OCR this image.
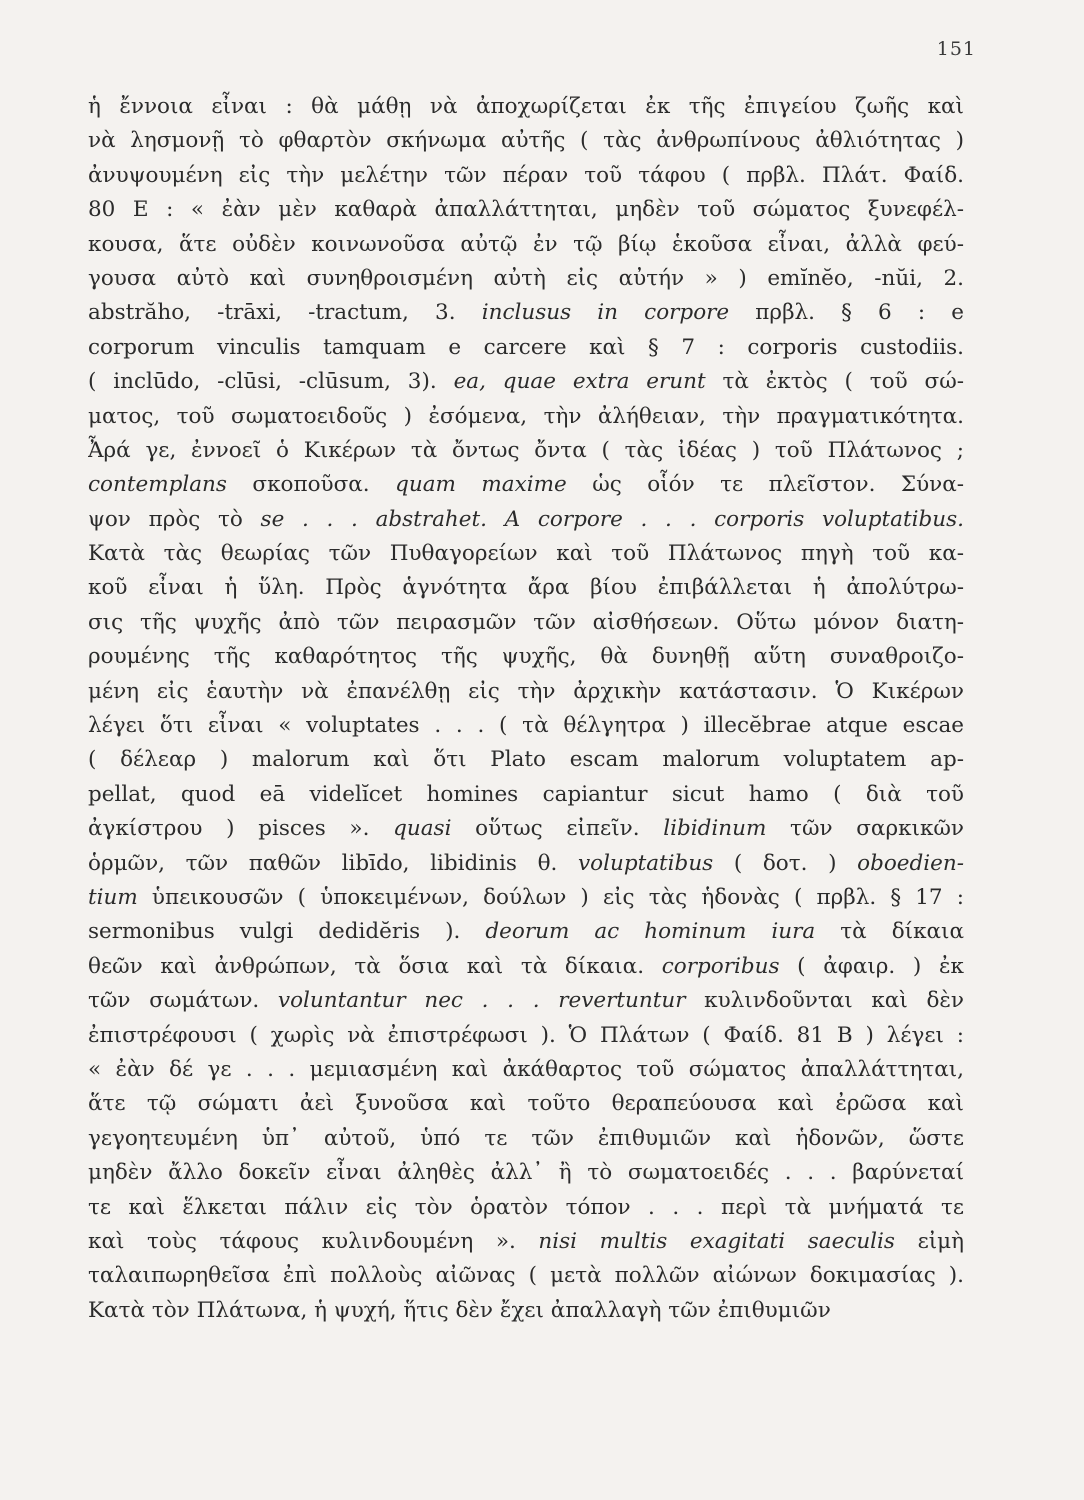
151
ἡ ἔννοια εἶναι : θὰ μάθῃ νὰ ἀποχωρίζεται ἐκ τῆς ἐπιγείου ζωῆς καὶ
νὰ λησμονῇ τὸ φθαρτὸν σκήνωμα αὐτῆς ( τὰς ἀνθρωπίνους ἀθλιότητας )
ἀνυψουμένη εἰς τὴν μελέτην τῶν πέραν τοῦ τάφου ( πρβλ. Πλάτ. Φαίδ.
80 E : « ἐὰν μὲν καθαρὰ ἀπαλλάττηται, μηδὲν τοῦ σώματος ξυνεφέλ-
κουσα, ἅτε οὐδὲν κοινωνοῦσα αὐτῷ ἐν τῷ βίῳ ἑκοῦσα εἶναι, ἀλλὰ φεύ-
γουσα αὐτὸ καὶ συνηθροισμένη αὐτὴ εἰς αὐτήν » ) emĭnĕo, -nŭi, 2.
abstrăho, -trāxi, -tractum, 3. inclusus in corpore πρβλ. § 6 : e
corporum vinculis tamquam e carcere καὶ § 7 : corporis custodiis.
( inclūdo, -clūsi, -clūsum, 3). ea, quae extra erunt τὰ ἐκτὸς ( τοῦ σώ-
ματος, τοῦ σωματοειδοῦς ) ἐσόμενα, τὴν ἀλήθειαν, τὴν πραγματικότητα.
Ἆρά γε, ἐννοεῖ ὁ Κικέρων τὰ ὄντως ὄντα ( τὰς ἰδέας ) τοῦ Πλάτωνος ;
contemplans σκοποῦσα. quam maxime ὡς οἷόν τε πλεῖστον. Σύνα-
ψον πρὸς τὸ se . . . abstrahet. A corpore . . . corporis voluptatibus.
Κατὰ τὰς θεωρίας τῶν Πυθαγορείων καὶ τοῦ Πλάτωνος πηγὴ τοῦ κα-
κοῦ εἶναι ἡ ὕλη. Πρὸς ἁγνότητα ἄρα βίου ἐπιβάλλεται ἡ ἀπολύτρω-
σις τῆς ψυχῆς ἀπὸ τῶν πειρασμῶν τῶν αἰσθήσεων. Οὕτω μόνον διατη-
ρουμένης τῆς καθαρότητος τῆς ψυχῆς, θὰ δυνηθῇ αὕτη συναθροιζο-
μένη εἰς ἑαυτὴν νὰ ἐπανέλθῃ εἰς τὴν ἀρχικὴν κατάστασιν. Ὁ Κικέρων
λέγει ὅτι εἶναι « voluptates . . . ( τὰ θέλγητρα ) illecĕbrae atque escae
( δέλεαρ ) malorum καὶ ὅτι Plato escam malorum voluptatem ap-
pellat, quod eā videlĭcet homines capiantur sicut hamo ( διὰ τοῦ
ἀγκίστρου ) pisces ». quasi οὕτως εἰπεῖν. libidinum τῶν σαρκικῶν
ὁρμῶν, τῶν παθῶν libīdo, libidinis θ. voluptatibus ( δοτ. ) oboedien-
tium ὑπεικουσῶν ( ὑποκειμένων, δούλων ) εἰς τὰς ἡδονὰς ( πρβλ. § 17 :
sermonibus vulgi dedidĕris ). deorum ac hominum iura τὰ δίκαια
θεῶν καὶ ἀνθρώπων, τὰ ὅσια καὶ τὰ δίκαια. corporibus ( ἀφαιρ. ) ἐκ
τῶν σωμάτων. voluntantur nec . . . revertuntur κυλινδοῦνται καὶ δὲν
ἐπιστρέφουσι ( χωρὶς νὰ ἐπιστρέφωσι ). Ὁ Πλάτων ( Φαίδ. 81 B ) λέγει :
« ἐὰν δέ γε . . . μεμιασμένη καὶ ἀκάθαρτος τοῦ σώματος ἀπαλλάττηται,
ἅτε τῷ σώματι ἀεὶ ξυνοῦσα καὶ τοῦτο θεραπεύουσα καὶ ἐρῶσα καὶ
γεγοητευμένη ὑπ᾽ αὐτοῦ, ὑπό τε τῶν ἐπιθυμιῶν καὶ ἡδονῶν, ὥστε
μηδὲν ἄλλο δοκεῖν εἶναι ἀληθὲς ἀλλ᾽ ἢ τὸ σωματοειδές . . . βαρύνεταί
τε καὶ ἕλκεται πάλιν εἰς τὸν ὁρατὸν τόπον . . . περὶ τὰ μνήματά τε
καὶ τοὺς τάφους κυλινδουμένη ». nisi multis exagitati saeculis εἰμὴ
ταλαιπωρηθεῖσα ἐπὶ πολλοὺς αἰῶνας ( μετὰ πολλῶν αἰώνων δοκιμασίας ).
Κατὰ τὸν Πλάτωνα, ἡ ψυχή, ἥτις δὲν ἔχει ἀπαλλαγὴ τῶν ἐπιθυμιῶν
